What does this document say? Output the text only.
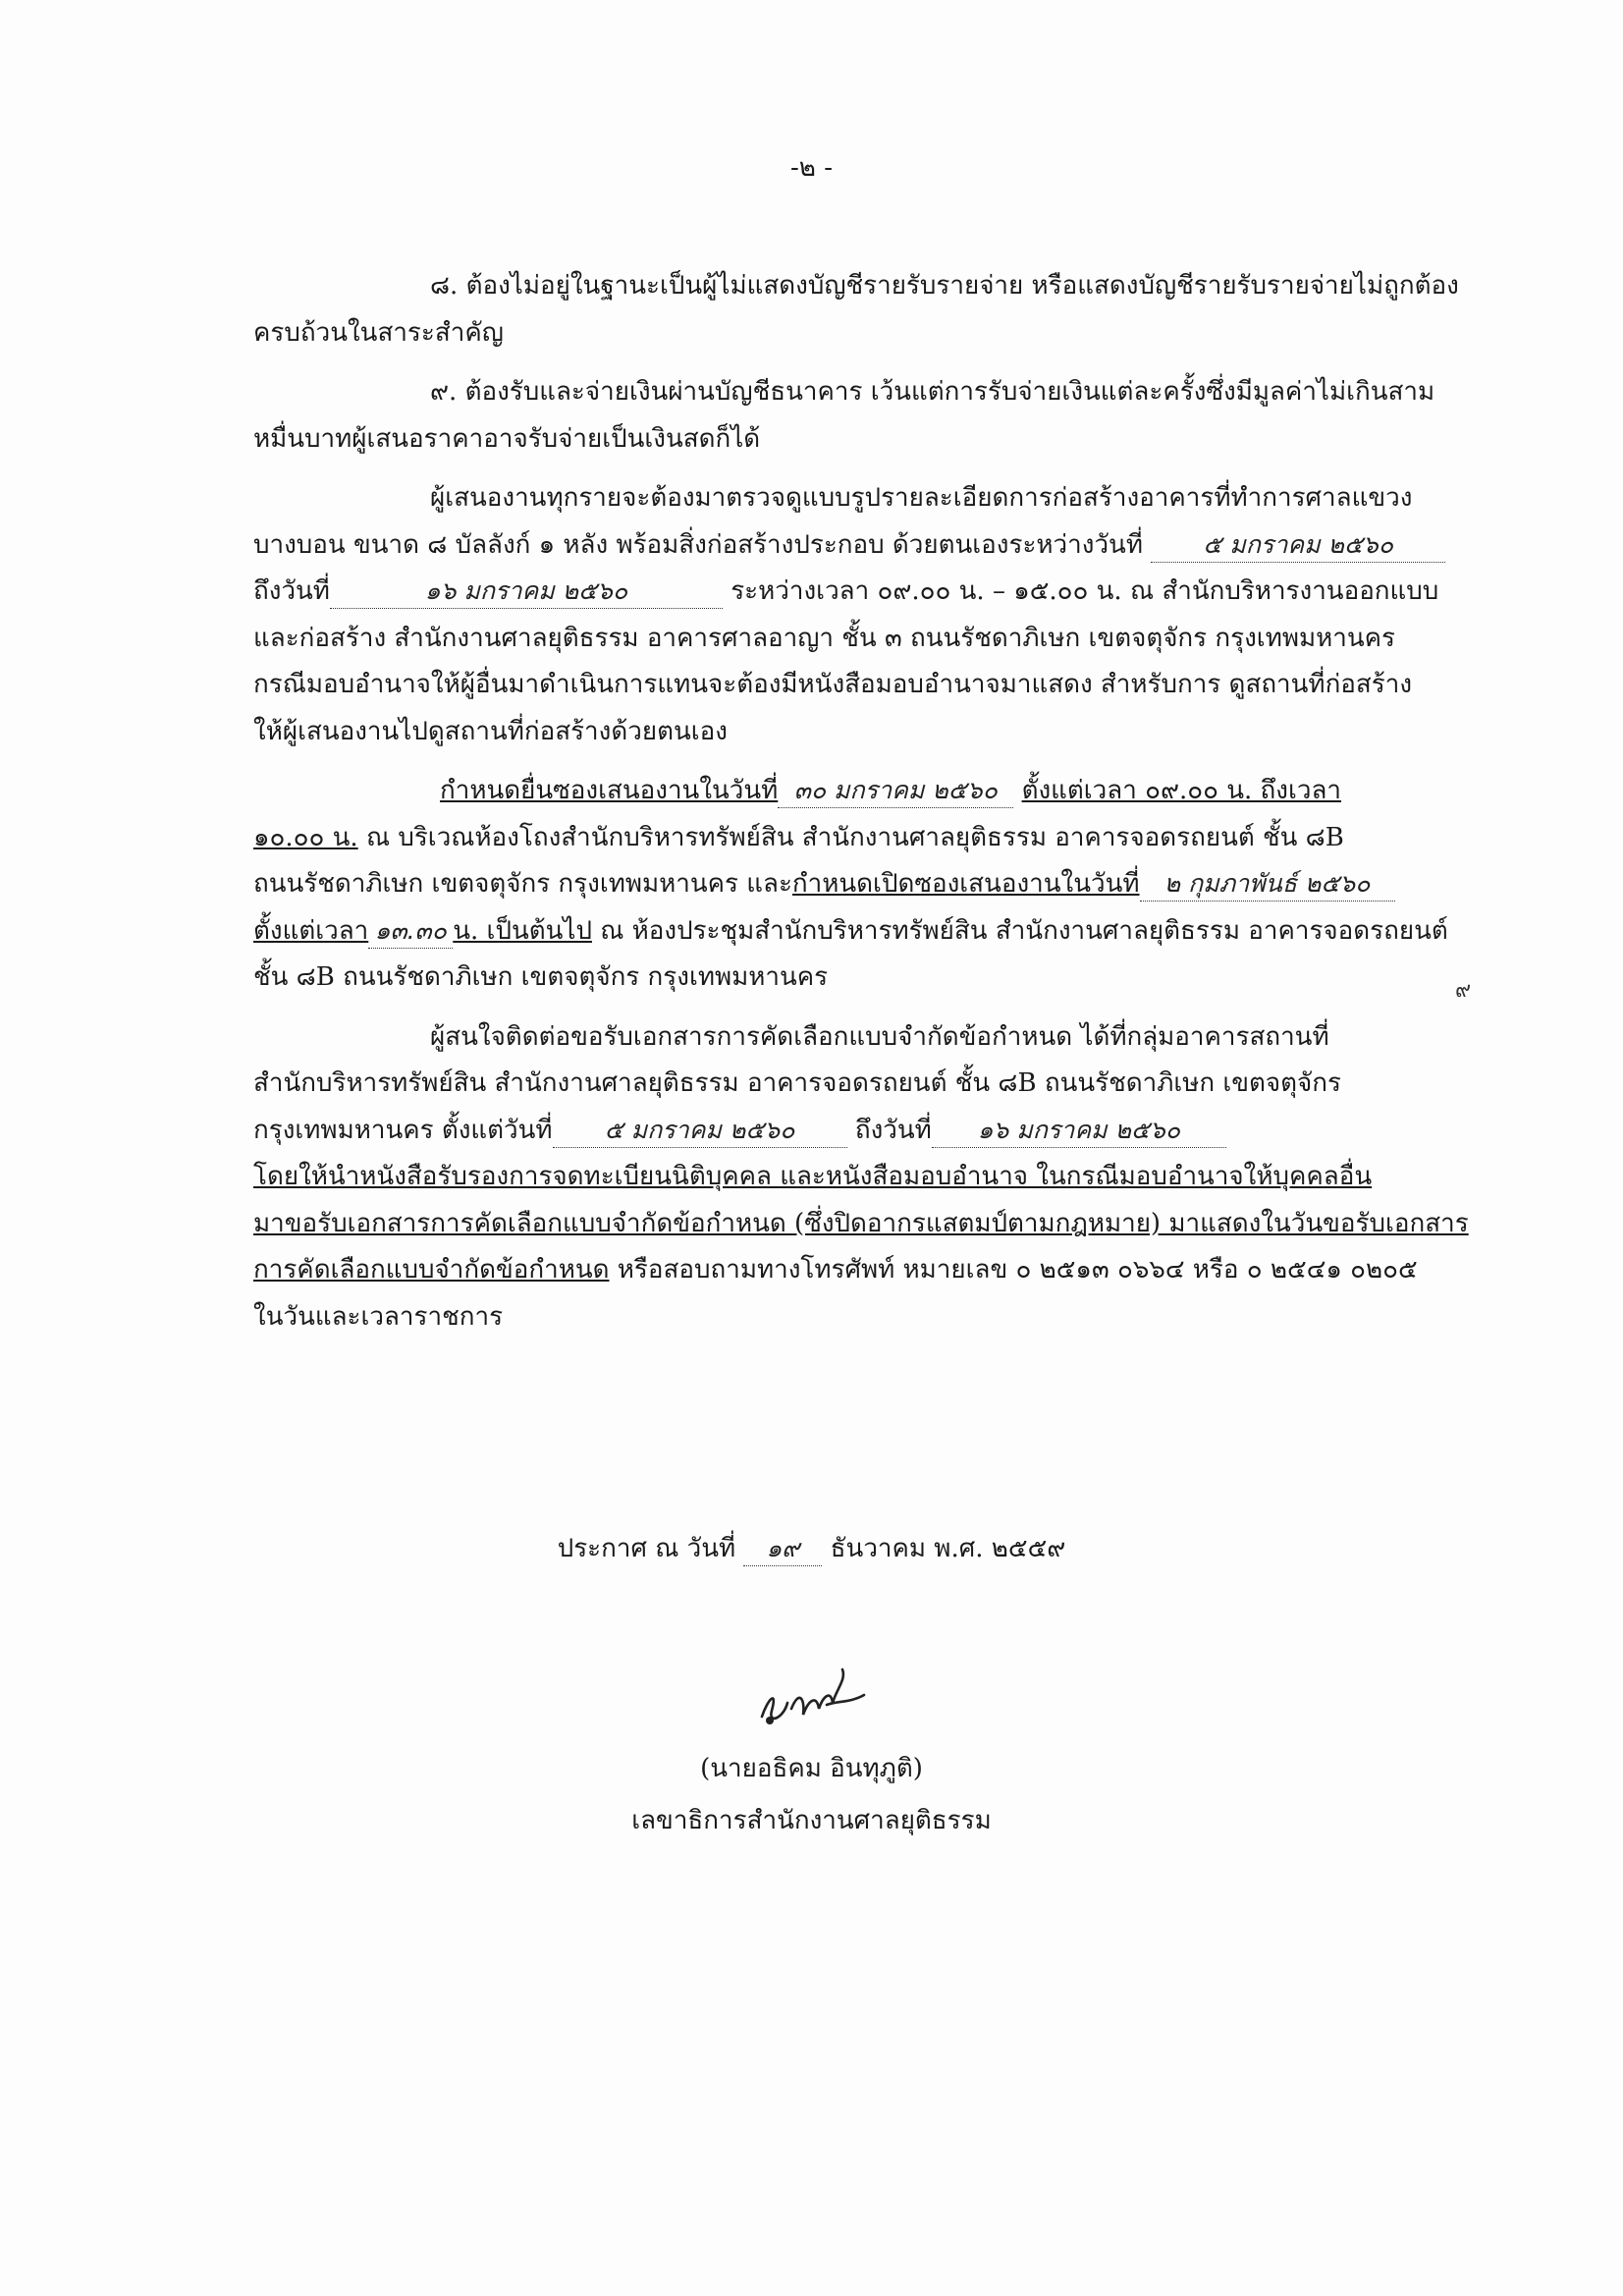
-๒ -
๘. ต้องไม่อยู่ในฐานะเป็นผู้ไม่แสดงบัญชีรายรับรายจ่าย หรือแสดงบัญชีรายรับรายจ่ายไม่ถูกต้อง
ครบถ้วนในสาระสำคัญ
๙. ต้องรับและจ่ายเงินผ่านบัญชีธนาคาร เว้นแต่การรับจ่ายเงินแต่ละครั้งซึ่งมีมูลค่าไม่เกินสาม
หมื่นบาทผู้เสนอราคาอาจรับจ่ายเป็นเงินสดก็ได้
ผู้เสนองานทุกรายจะต้องมาตรวจดูแบบรูปรายละเอียดการก่อสร้างอาคารที่ทำการศาลแขวง
บางบอน ขนาด ๘ บัลลังก์ ๑ หลัง พร้อมสิ่งก่อสร้างประกอบ ด้วยตนเองระหว่างวันที่ ๕ มกราคม ๒๕๖๐
ถึงวันที่	๑๖ มกราคม ๒๕๖๐	ระหว่างเวลา ๐๙.๐๐ น. – ๑๕.๐๐ น. ณ สำนักบริหารงานออกแบบ
และก่อสร้าง สำนักงานศาลยุติธรรม อาคารศาลอาญา ชั้น ๓ ถนนรัชดาภิเษก เขตจตุจักร กรุงเทพมหานคร
กรณีมอบอำนาจให้ผู้อื่นมาดำเนินการแทนจะต้องมีหนังสือมอบอำนาจมาแสดง สำหรับการ ดูสถานที่ก่อสร้าง
ให้ผู้เสนองานไปดูสถานที่ก่อสร้างด้วยตนเอง
กำหนดยื่นซองเสนองานในวันที่ ๓๐ มกราคม ๒๕๖๐ ตั้งแต่เวลา ๐๙.๐๐ น. ถึงเวลา
๑๐.๐๐ น. ณ บริเวณห้องโถงสำนักบริหารทรัพย์สิน สำนักงานศาลยุติธรรม อาคารจอดรถยนต์ ชั้น ๘B
ถนนรัชดาภิเษก เขตจตุจักร กรุงเทพมหานคร และกำหนดเปิดซองเสนองานในวันที่ ๒ กุมภาพันธ์ ๒๕๖๐
ตั้งแต่เวลา ๑๓.๓๐ น. เป็นต้นไป ณ ห้องประชุมสำนักบริหารทรัพย์สิน สำนักงานศาลยุติธรรม อาคารจอดรถยนต์
ชั้น ๘B ถนนรัชดาภิเษก เขตจตุจักร กรุงเทพมหานคร
ผู้สนใจติดต่อขอรับเอกสารการคัดเลือกแบบจำกัดข้อกำหนด ได้ที่กลุ่มอาคารสถานที่
สำนักบริหารทรัพย์สิน สำนักงานศาลยุติธรรม อาคารจอดรถยนต์ ชั้น ๘B ถนนรัชดาภิเษก เขตจตุจักร
กรุงเทพมหานคร ตั้งแต่วันที่ ๕ มกราคม ๒๕๖๐ ถึงวันที่ ๑๖ มกราคม ๒๕๖๐
โดยให้นำหนังสือรับรองการจดทะเบียนนิติบุคคล และหนังสือมอบอำนาจ ในกรณีมอบอำนาจให้บุคคลอื่น
มาขอรับเอกสารการคัดเลือกแบบจำกัดข้อกำหนด (ซึ่งปิดอากรแสตมป์ตามกฎหมาย) มาแสดงในวันขอรับเอกสาร
การคัดเลือกแบบจำกัดข้อกำหนด หรือสอบถามทางโทรศัพท์ หมายเลข ๐ ๒๕๑๓ ๐๖๖๔ หรือ ๐ ๒๕๔๑ ๐๒๐๕
ในวันและเวลาราชการ
๙
ประกาศ ณ วันที่ ๑๙ ธันวาคม พ.ศ. ๒๕๕๙
(นายอธิคม อินทุภูติ)
เลขาธิการสำนักงานศาลยุติธรรม
